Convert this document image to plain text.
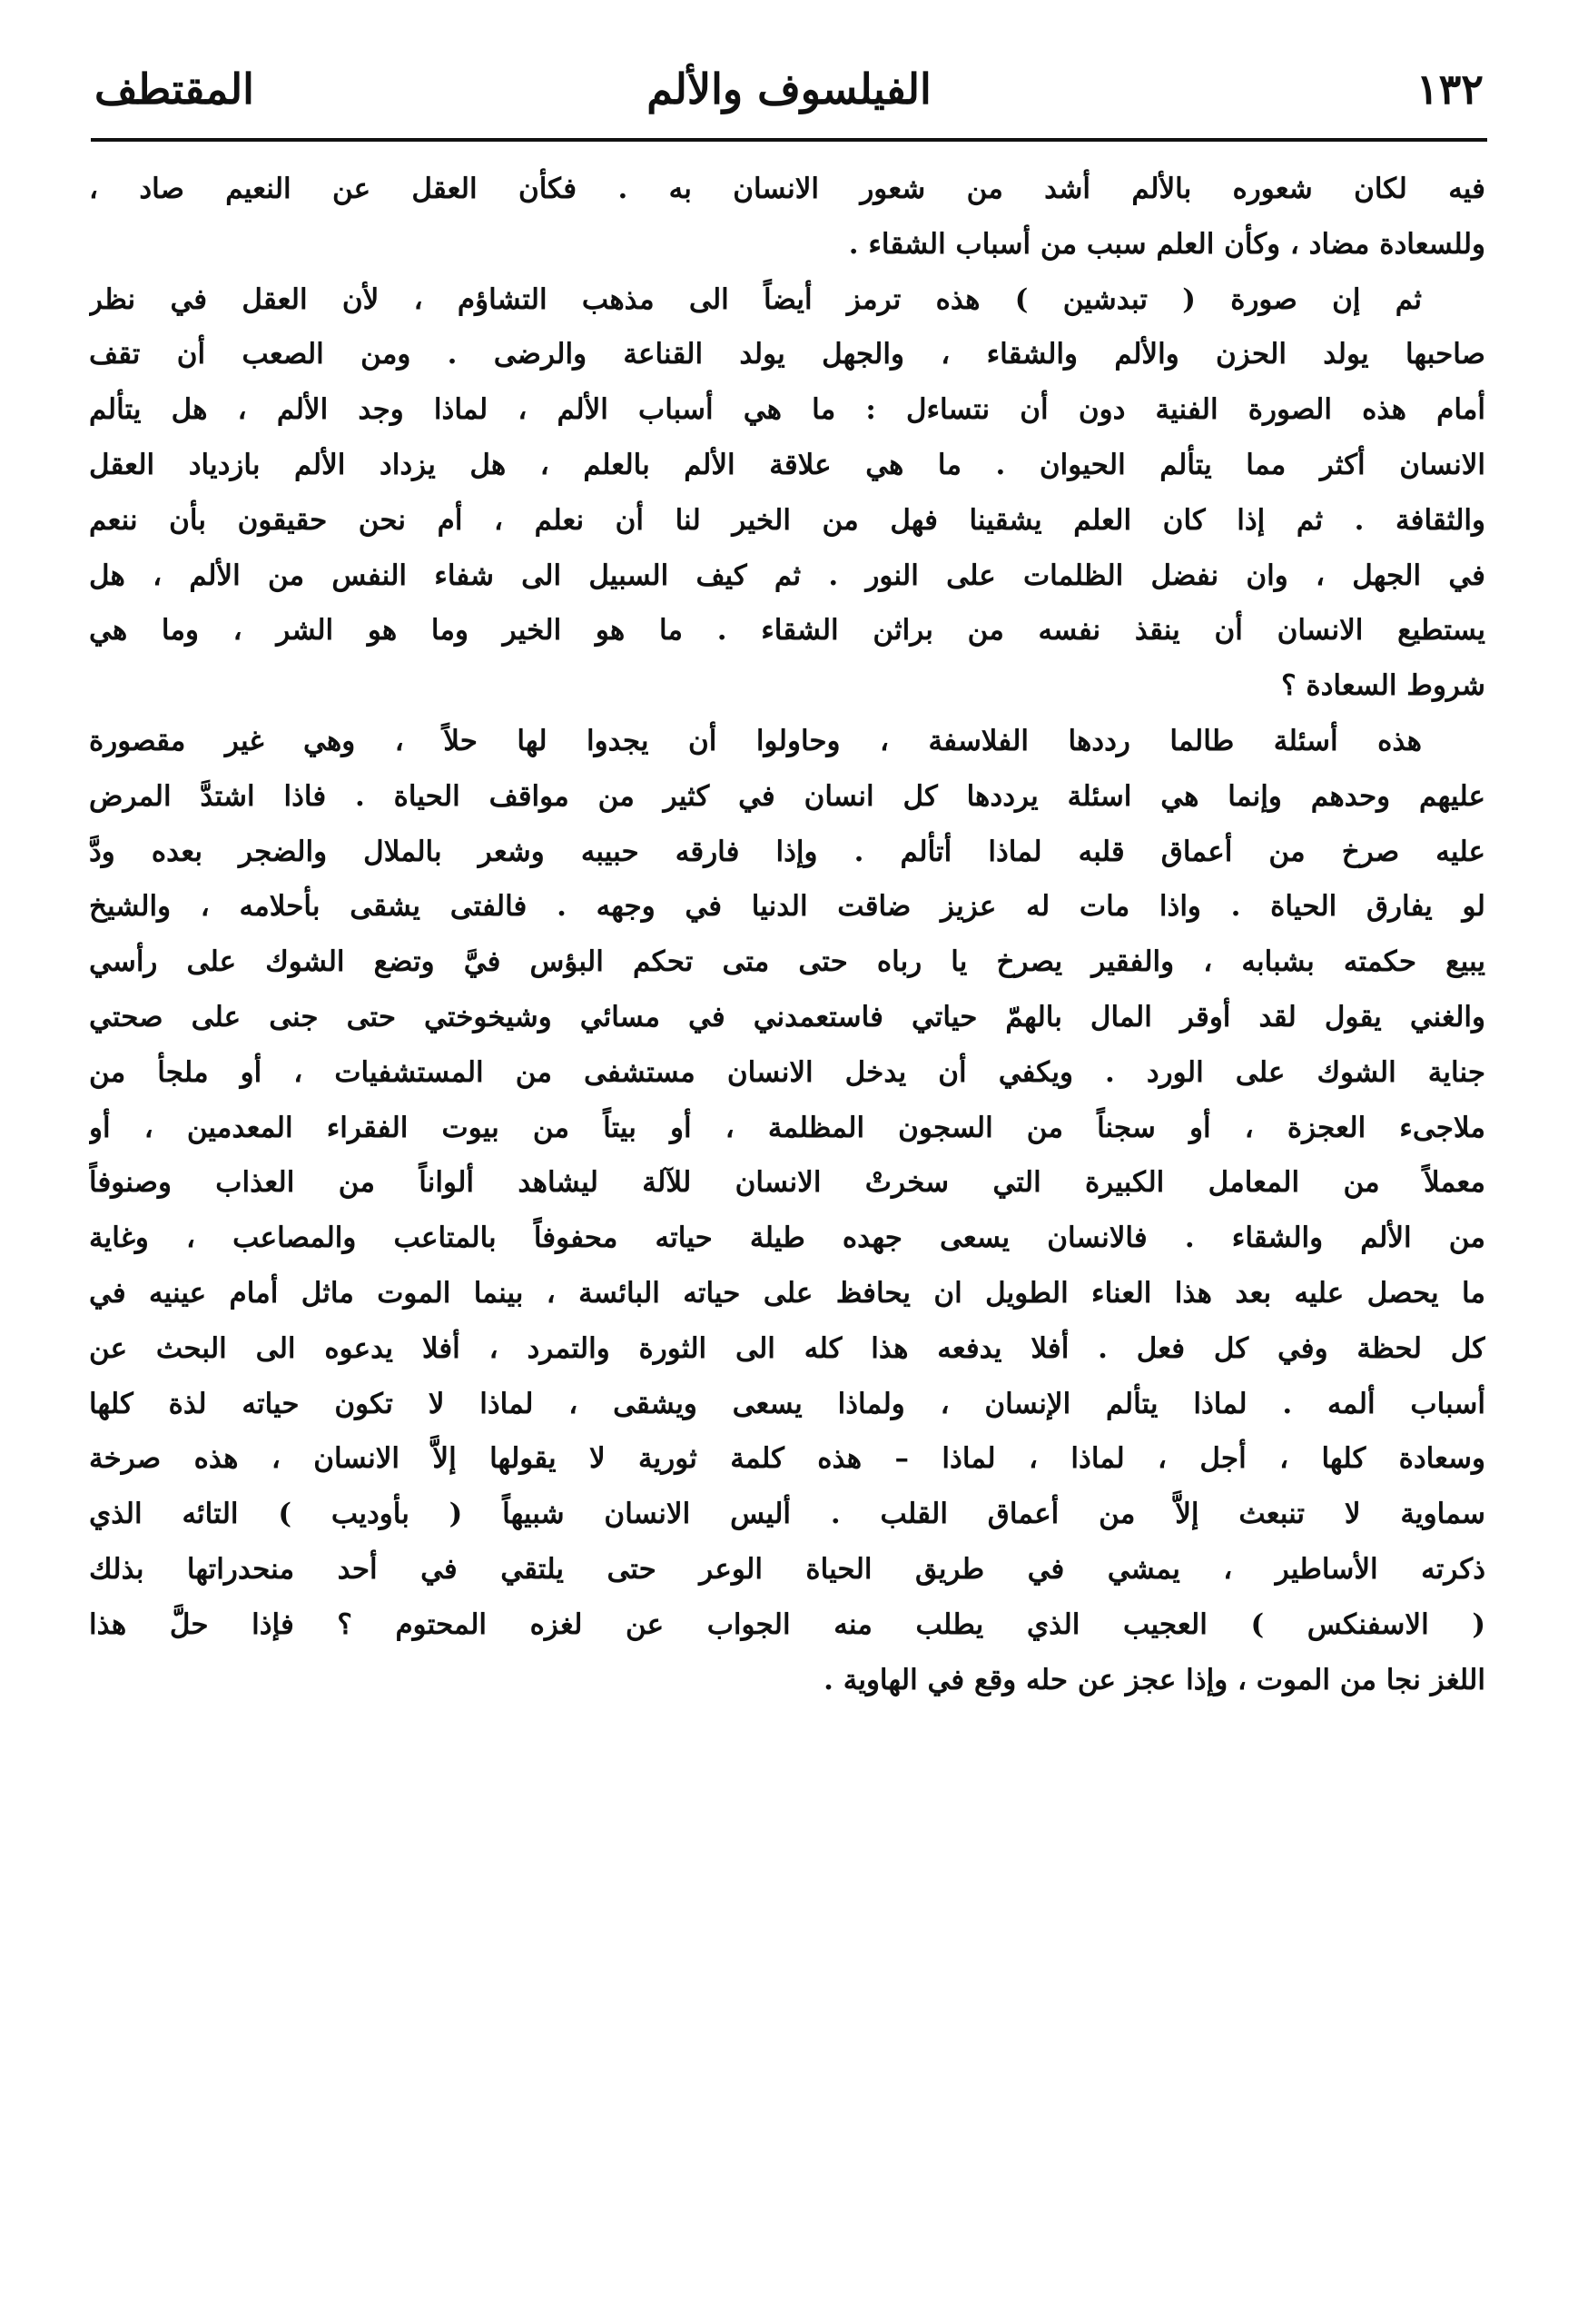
١٣٢
الفيلسوف والألم
المقتطف
فيه لكان شعوره بالألم أشد من شعور الانسان به . فكأن العقل عن النعيم صاد ،
وللسعادة مضاد ، وكأن العلم سبب من أسباب الشقاء .
ثم إن صورة ( تبدشين ) هذه ترمز أيضاً الى مذهب التشاؤم ، لأن العقل في نظر
صاحبها يولد الحزن والألم والشقاء ، والجهل يولد القناعة والرضى . ومن الصعب أن تقف
أمام هذه الصورة الفنية دون أن نتساءل : ما هي أسباب الألم ، لماذا وجد الألم ، هل يتألم
الانسان أكثر مما يتألم الحيوان . ما هي علاقة الألم بالعلم ، هل يزداد الألم بازدياد العقل
والثقافة . ثم إذا كان العلم يشقينا فهل من الخير لنا أن نعلم ، أم نحن حقيقون بأن ننعم
في الجهل ، وان نفضل الظلمات على النور . ثم كيف السبيل الى شفاء النفس من الألم ، هل
يستطيع الانسان أن ينقذ نفسه من براثن الشقاء . ما هو الخير وما هو الشر ، وما هي
شروط السعادة ؟
هذه أسئلة طالما رددها الفلاسفة ، وحاولوا أن يجدوا لها حلاً ، وهي غير مقصورة
عليهم وحدهم وإنما هي اسئلة يرددها كل انسان في كثير من مواقف الحياة . فاذا اشتدَّ المرض
عليه صرخ من أعماق قلبه لماذا أتألم . وإذا فارقه حبيبه وشعر بالملال والضجر بعده ودَّ
لو يفارق الحياة . واذا مات له عزيز ضاقت الدنيا في وجهه . فالفتى يشقى بأحلامه ، والشيخ
يبيع حكمته بشبابه ، والفقير يصرخ يا رباه حتى متى تحكم البؤس فيَّ وتضع الشوك على رأسي
والغني يقول لقد أوقر المال بالهمّ حياتي فاستعمدني في مسائي وشيخوختي حتى جنى على صحتي
جناية الشوك على الورد . ويكفي أن يدخل الانسان مستشفى من المستشفيات ، أو ملجأ من
ملاجىء العجزة ، أو سجناً من السجون المظلمة ، أو بيتاً من بيوت الفقراء المعدمين ، أو
معملاً من المعامل الكبيرة التي سخرتْ الانسان للآلة ليشاهد ألواناً من العذاب وصنوفاً
من الألم والشقاء . فالانسان يسعى جهده طيلة حياته محفوفاً بالمتاعب والمصاعب ، وغاية
ما يحصل عليه بعد هذا العناء الطويل ان يحافظ على حياته البائسة ، بينما الموت ماثل أمام عينيه في
كل لحظة وفي كل فعل . أفلا يدفعه هذا كله الى الثورة والتمرد ، أفلا يدعوه الى البحث عن
أسباب ألمه . لماذا يتألم الإنسان ، ولماذا يسعى ويشقى ، لماذا لا تكون حياته لذة كلها
وسعادة كلها ، أجل ، لماذا ، لماذا – هذه كلمة ثورية لا يقولها إلاَّ الانسان ، هذه صرخة
سماوية لا تنبعث إلاَّ من أعماق القلب . أليس الانسان شبيهاً ( بأوديب ) التائه الذي
ذكرته الأساطير ، يمشي في طريق الحياة الوعر حتى يلتقي في أحد منحدراتها بذلك
( الاسفنكس ) العجيب الذي يطلب منه الجواب عن لغزه المحتوم ؟ فإذا حلَّ هذا
اللغز نجا من الموت ، وإذا عجز عن حله وقع في الهاوية .
